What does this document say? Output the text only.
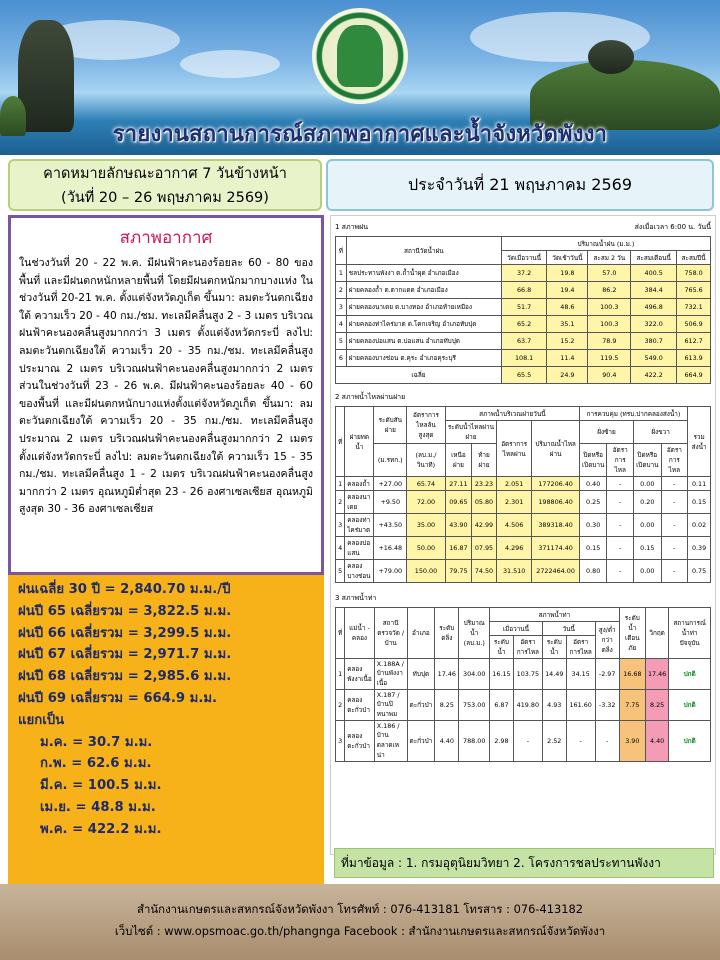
รายงานสถานการณ์สภาพอากาศและน้ำจังหวัดพังงา
คาดหมายลักษณะอากาศ 7 วันข้างหน้า
(วันที่ 20 – 26 พฤษภาคม 2569)
ประจำวันที่ 21 พฤษภาคม 2569
สภาพอากาศ
ในช่วงวันที่ 20 - 22 พ.ค. มีฝนฟ้าคะนองร้อยละ 60 - 80 ของพื้นที่ และมีฝนตกหนักหลายพื้นที่ โดยมีฝนตกหนักมากบางแห่ง ในช่วงวันที่ 20-21 พ.ค. ตั้งแต่จังหวัดภูเก็ต ขึ้นมา: ลมตะวันตกเฉียงใต้ ความเร็ว 20 - 40 กม./ชม. ทะเลมีคลื่นสูง 2 - 3 เมตร บริเวณฝนฟ้าคะนองคลื่นสูงมากกว่า 3 เมตร ตั้งแต่จังหวัดกระบี่ ลงไป: ลมตะวันตกเฉียงใต้ ความเร็ว 20 - 35 กม./ชม. ทะเลมีคลื่นสูงประมาณ 2 เมตร บริเวณฝนฟ้าคะนองคลื่นสูงมากกว่า 2 เมตร ส่วนในช่วงวันที่ 23 - 26 พ.ค. มีฝนฟ้าคะนองร้อยละ 40 - 60 ของพื้นที่ และมีฝนตกหนักบางแห่งตั้งแต่จังหวัดภูเก็ต ขึ้นมา: ลมตะวันตกเฉียงใต้ ความเร็ว 20 - 35 กม./ชม. ทะเลมีคลื่นสูงประมาณ 2 เมตร บริเวณฝนฟ้าคะนองคลื่นสูงมากกว่า 2 เมตร ตั้งแต่จังหวัดกระบี่ ลงไป: ลมตะวันตกเฉียงใต้ ความเร็ว 15 - 35 กม./ชม. ทะเลมีคลื่นสูง 1 - 2 เมตร บริเวณฝนฟ้าคะนองคลื่นสูงมากกว่า 2 เมตร อุณหภูมิต่ำสุด 23 - 26 องศาเซลเซียส อุณหภูมิสูงสุด 30 - 36 องศาเซลเซียส
ฝนเฉลี่ย 30 ปี = 2,840.70 ม.ม./ปี
ฝนปี 65 เฉลี่ยรวม = 3,822.5 ม.ม.
ฝนปี 66 เฉลี่ยรวม = 3,299.5 ม.ม.
ฝนปี 67 เฉลี่ยรวม = 2,971.7 ม.ม.
ฝนปี 68 เฉลี่ยรวม = 2,985.6 ม.ม.
ฝนปี 69 เฉลี่ยรวม = 664.9 ม.ม.
แยกเป็น
ม.ค. = 30.7 ม.ม.
ก.พ. = 62.6 ม.ม.
มี.ค. = 100.5 ม.ม.
เม.ย. = 48.8 ม.ม.
พ.ค. = 422.2 ม.ม.
1 สภาพฝน	ส่งเมื่อเวลา 6:00 น. วันนี้
ที่	สถานีวัดน้ำฝน	ปริมาณน้ำฝน (ม.ม.)				
		วัดเมื่อวานนี้	วัดเช้าวันนี้	สะสม 2 วัน	สะสมเดือนนี้	สะสมปีนี้
1	ชลประทานพังงา ต.ถ้ำน้ำผุด อำเภอเมือง	37.2	19.8	57.0	400.5	758.0
2	ฝายคลองถ้ำ ต.ตากแดด อำเภอเมือง	66.8	19.4	86.2	384.4	765.6
3	ฝายคลองนาเดย ต.บางทอง อำเภอท้ายเหมือง	51.7	48.6	100.3	496.8	732.1
4	ฝายคลองท่าไคร่มาต ต.โคกเจริญ อำเภอทับปุด	65.2	35.1	100.3	322.0	506.9
5	ฝายคลองบ่อแสน ต.บ่อแสน อำเภอทับปุด	63.7	15.2	78.9	380.7	612.7
6	ฝายคลองบางช่อน ต.คุระ อำเภอคุระบุรี	108.1	11.4	119.5	549.0	613.9
เฉลี่ย		65.5	24.9	90.4	422.2	664.9
2 สภาพน้ำไหลผ่านฝาย
ที่	ฝายทดน้ำ	ระดับสันฝาย	อัตราการไหลล้นสูงสุด	สภาพน้ำบริเวณฝายวันนี้				การควบคุม (ทรบ.ปากคลองส่งน้ำ)				รวมส่งน้ำ
				ระดับน้ำไหลผ่านฝาย		อัตราการไหลผ่าน	ปริมาณน้ำไหลผ่าน	ฝั่งซ้าย		ฝั่งขวา		
		(ม.รทก.)	(ลบ.ม./วินาที)	เหนือฝาย	ท้ายฝาย			ปิดหรือเปิดบาน	อัตราการไหล	ปิดหรือเปิดบาน	อัตราการไหล	
1	คลองถ้ำ	+27.00	65.74	27.11	23.23	2.051	177206.40	0.40	-	0.00	-	0.11
2	คลองนาเดย	+9.50	72.00	09.65	05.80	2.301	198806.40	0.25	-	0.20	-	0.15
3	คลองท่าไคร่มาต	+43.50	35.00	43.90	42.99	4.506	389318.40	0.30	-	0.00	-	0.02
4	คลองบ่อแสน	+16.48	50.00	16.87	07.95	4.296	371174.40	0.15	-	0.15	-	0.39
5	คลองบางช่อน	+79.00	150.00	79.75	74.50	31.510	2722464.00	0.80	-	0.00	-	0.75
3 สภาพน้ำท่า
ที่	แม่น้ำ - คลอง	สถานีตรวจวัด / บ้าน	อำเภอ	ระดับตลิ่ง	ปริมาณน้ำ (ลบ.ม.)	สภาพน้ำท่า					ระดับน้ำเตือนภัย	วิกฤต	สถานการณ์น้ำท่า ปัจจุบัน
						เมื่อวานนี้		วันนี้		สูง/ต่ำกว่าตลิ่ง			
						ระดับน้ำ	อัตราการไหล	ระดับน้ำ	อัตราการไหล				
1	คลองพังงาเนื้อ	X.188A / บ้านพังงาเนื้อ	ทับปุด	17.46	304.00	16.15	103.75	14.49	34.15	-2.97	16.68	17.46	ปกติ
2	คลองตะกั่วป่า	X.187 / บ้านปิหนาพม	ตะกั่วป่า	8.25	753.00	6.87	419.80	4.93	161.60	-3.32	7.75	8.25	ปกติ
3	คลองตะกั่วป่า	X.186 / บ้านตลาดเหน่า	ตะกั่วป่า	4.40	788.00	2.98	-	2.52	-	-	3.90	4.40	ปกติ
ที่มาข้อมูล : 1. กรมอุตุนิยมวิทยา 2. โครงการชลประทานพังงา
สำนักงานเกษตรและสหกรณ์จังหวัดพังงา โทรศัพท์ : 076-413181 โทรสาร : 076-413182
เว็บไซต์ : www.opsmoac.go.th/phangnga Facebook : สำนักงานเกษตรและสหกรณ์จังหวัดพังงา
